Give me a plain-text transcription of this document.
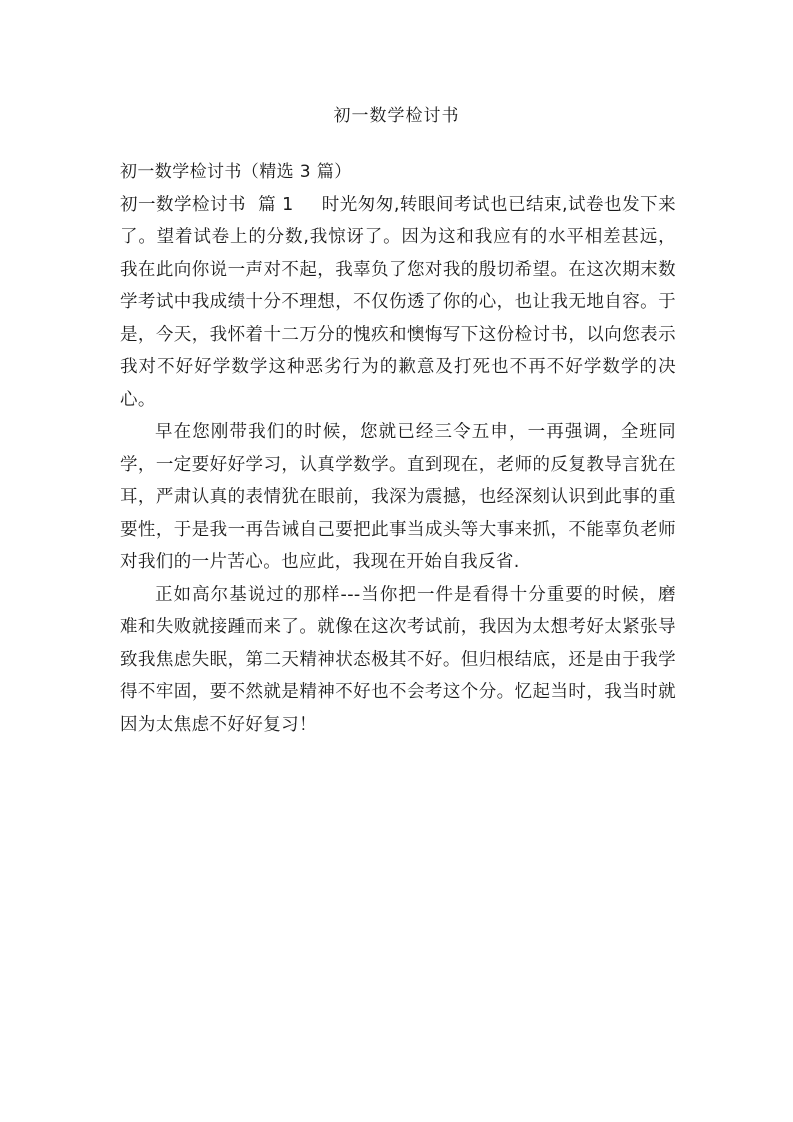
初一数学检讨书

初一数学检讨书（精选 3 篇）

初一数学检讨书 篇 1 时光匆匆,转眼间考试也已结束,试卷也发下来了。望着试卷上的分数,我惊讶了。因为这和我应有的水平相差甚远，我在此向你说一声对不起，我辜负了您对我的殷切希望。在这次期末数学考试中我成绩十分不理想，不仅伤透了你的心，也让我无地自容。于是，今天，我怀着十二万分的愧疚和懊悔写下这份检讨书，以向您表示我对不好好学数学这种恶劣行为的歉意及打死也不再不好学数学的决心。

早在您刚带我们的时候，您就已经三令五申，一再强调，全班同学，一定要好好学习，认真学数学。直到现在，老师的反复教导言犹在耳，严肃认真的表情犹在眼前，我深为震撼，也经深刻认识到此事的重要性，于是我一再告诫自己要把此事当成头等大事来抓，不能辜负老师对我们的一片苦心。也应此，我现在开始自我反省.

正如高尔基说过的那样---当你把一件是看得十分重要的时候，磨难和失败就接踵而来了。就像在这次考试前，我因为太想考好太紧张导致我焦虑失眠，第二天精神状态极其不好。但归根结底，还是由于我学得不牢固，要不然就是精神不好也不会考这个分。忆起当时，我当时就因为太焦虑不好好复习！
